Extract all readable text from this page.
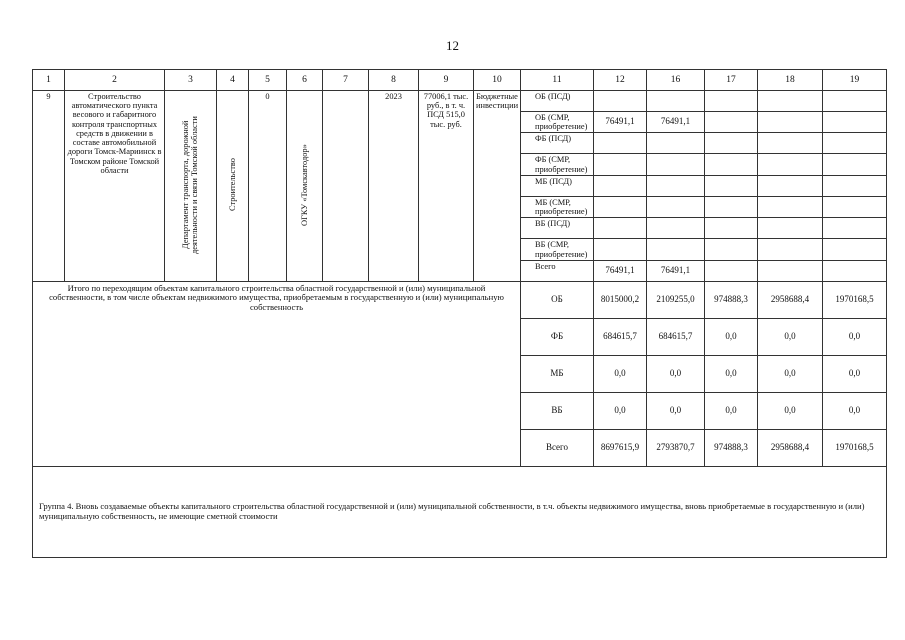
12
1	2	3	4	5	6	7	8	9	10	11	12	16	17	18	19
9	Строительство автоматического пункта весового и габаритного контроля транспортных средств в движении в составе автомобильной дороги Томск-Мариинск в Томском районе Томской области	Департамент транспорта, дорожной деятельности и связи Томской области	Строительство	0	ОГКУ «Томскавтодор»		2023	77006,1 тыс. руб., в т. ч. ПСД 515,0 тыс. руб.	Бюджетные инвестиции	ОБ (ПСД)					
										ОБ (СМР, приобретение)	76491,1	76491,1			
										ФБ (ПСД)					
										ФБ (СМР, приобретение)					
										МБ (ПСД)					
										МБ (СМР, приобретение)					
										ВБ (ПСД)					
										ВБ (СМР, приобретение)					
										Всего	76491,1	76491,1			
Итого по переходящим объектам капитального строительства областной государственной и (или) муниципальной собственности, в том числе объектам недвижимого имущества, приобретаемым в государственную и (или) муниципальную собственность										ОБ	8015000,2	2109255,0	974888,3	2958688,4	1970168,5
										ФБ	684615,7	684615,7	0,0	0,0	0,0
										МБ	0,0	0,0	0,0	0,0	0,0
										ВБ	0,0	0,0	0,0	0,0	0,0
										Всего	8697615,9	2793870,7	974888,3	2958688,4	1970168,5
Группа 4. Вновь создаваемые объекты капитального строительства областной государственной и (или) муниципальной собственности, в т.ч. объекты недвижимого имущества, вновь приобретаемые в государственную и (или) муниципальную собственность, не имеющие сметной стоимости															
